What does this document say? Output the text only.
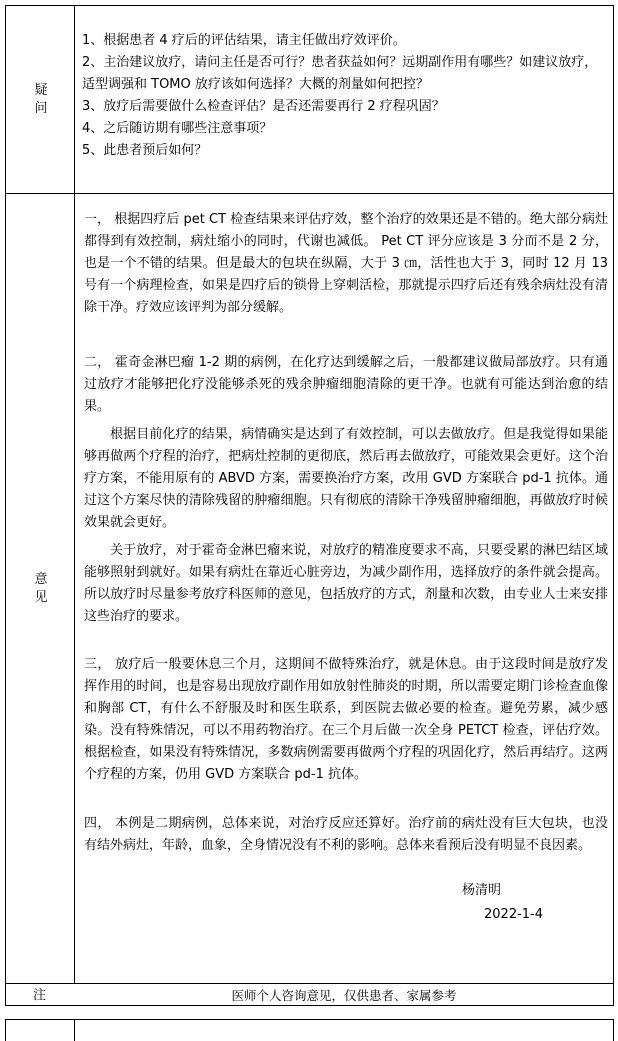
疑问
意见
注
1、根据患者 4 疗后的评估结果，请主任做出疗效评价。
2、主治建议放疗，请问主任是否可行？患者获益如何？远期副作用有哪些？如建议放疗，
适型调强和 TOMO 放疗该如何选择？大概的剂量如何把控？
3、放疗后需要做什么检查评估？是否还需要再行 2 疗程巩固？
4、之后随访期有哪些注意事项？
5、此患者预后如何？

一， 根据四疗后 pet CT 检查结果来评估疗效，整个治疗的效果还是不错的。绝大部分病灶都得到有效控制，病灶缩小的同时，代谢也减低。 Pet CT 评分应该是 3 分而不是 2 分，也是一个不错的结果。但是最大的包块在纵隔，大于 3 ㎝，活性也大于 3，同时 12 月 13 号有一个病理检查，如果是四疗后的锁骨上穿刺活检，那就提示四疗后还有残余病灶没有清除干净。疗效应该评判为部分缓解。

二， 霍奇金淋巴瘤 1-2 期的病例，在化疗达到缓解之后，一般都建议做局部放疗。只有通过放疗才能够把化疗没能够杀死的残余肿瘤细胞清除的更干净。也就有可能达到治愈的结果。

根据目前化疗的结果，病情确实是达到了有效控制，可以去做放疗。但是我觉得如果能够再做两个疗程的治疗，把病灶控制的更彻底，然后再去做放疗，可能效果会更好。这个治疗方案，不能用原有的 ABVD 方案，需要换治疗方案，改用 GVD 方案联合 pd-1 抗体。通过这个方案尽快的清除残留的肿瘤细胞。只有彻底的清除干净残留肿瘤细胞，再做放疗时候效果就会更好。

关于放疗，对于霍奇金淋巴瘤来说，对放疗的精准度要求不高，只要受累的淋巴结区域能够照射到就好。如果有病灶在靠近心脏旁边，为减少副作用，选择放疗的条件就会提高。所以放疗时尽量参考放疗科医师的意见，包括放疗的方式，剂量和次数，由专业人士来安排这些治疗的要求。

三， 放疗后一般要休息三个月，这期间不做特殊治疗，就是休息。由于这段时间是放疗发挥作用的时间，也是容易出现放疗副作用如放射性肺炎的时期，所以需要定期门诊检查血像和胸部 CT，有什么不舒服及时和医生联系，到医院去做必要的检查。避免劳累，减少感染。没有特殊情况，可以不用药物治疗。在三个月后做一次全身 PETCT 检查，评估疗效。根据检查，如果没有特殊情况，多数病例需要再做两个疗程的巩固化疗，然后再结疗。这两个疗程的方案，仍用 GVD 方案联合 pd-1 抗体。

四， 本例是二期病例，总体来说，对治疗反应还算好。治疗前的病灶没有巨大包块，也没有结外病灶，年龄，血象，全身情况没有不利的影响。总体来看预后没有明显不良因素。

杨清明
2022-1-4
医师个人咨询意见，仅供患者、家属参考
